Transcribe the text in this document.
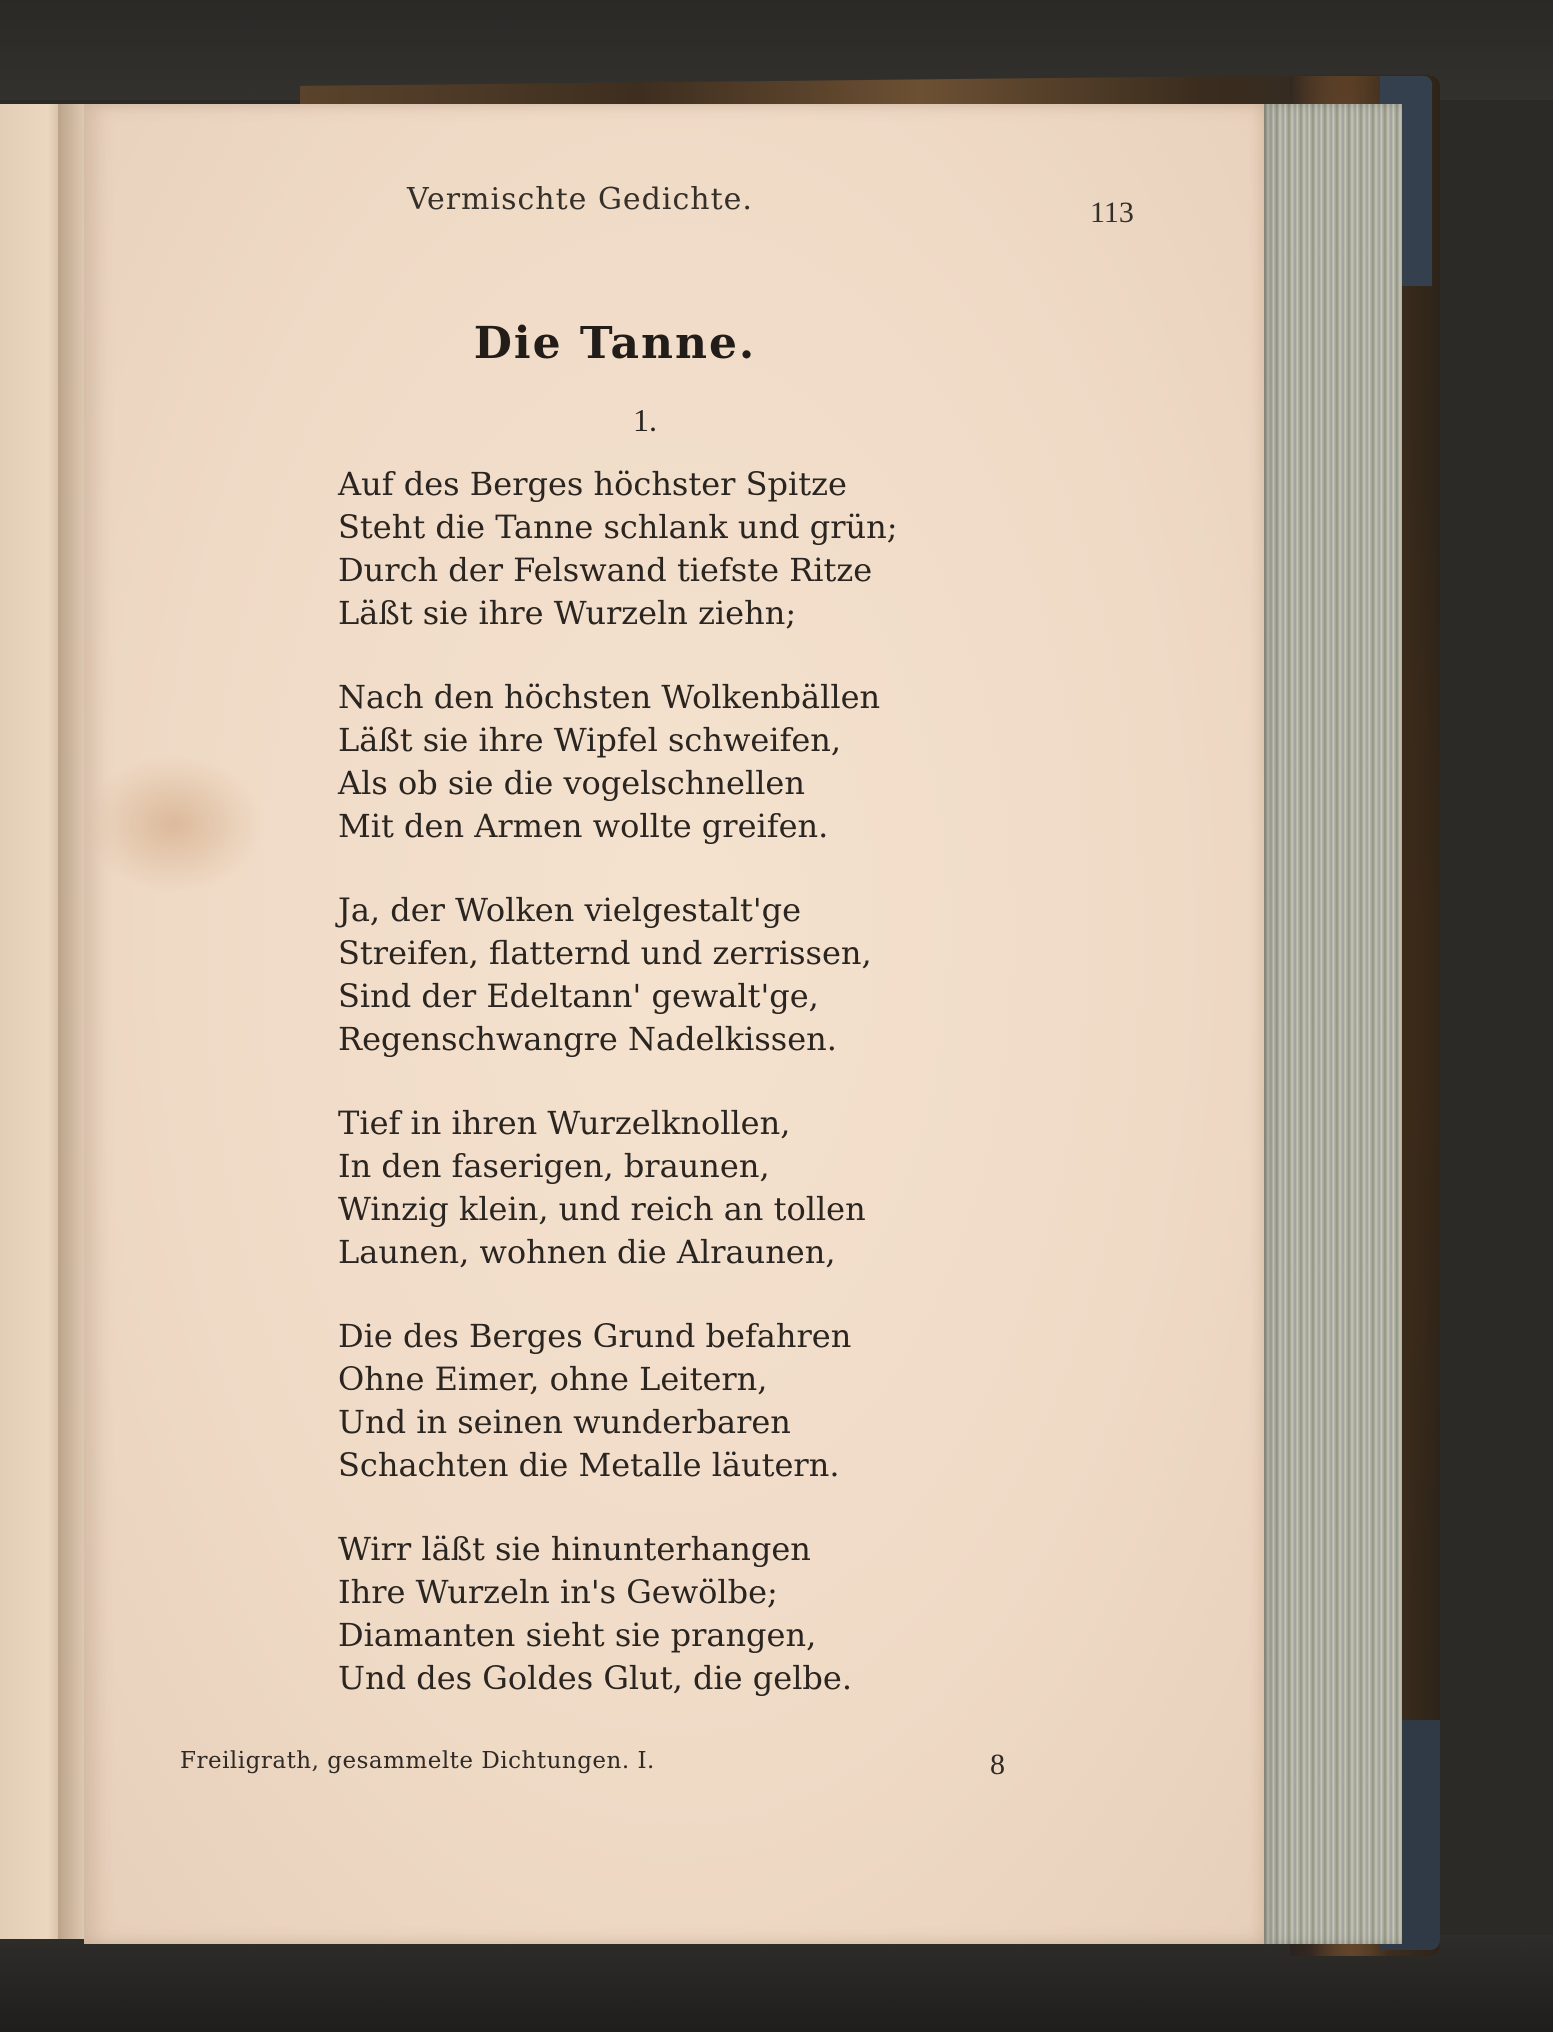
Vermischte Gedichte.	113
Die Tanne.
1.
Auf des Berges höchster Spitze
Steht die Tanne schlank und grün;
Durch der Felswand tiefste Ritze
Läßt sie ihre Wurzeln ziehn;
Nach den höchsten Wolkenbällen
Läßt sie ihre Wipfel schweifen,
Als ob sie die vogelschnellen
Mit den Armen wollte greifen.
Ja, der Wolken vielgestalt'ge
Streifen, flatternd und zerrissen,
Sind der Edeltann' gewalt'ge,
Regenschwangre Nadelkissen.
Tief in ihren Wurzelknollen,
In den faserigen, braunen,
Winzig klein, und reich an tollen
Launen, wohnen die Alraunen,
Die des Berges Grund befahren
Ohne Eimer, ohne Leitern,
Und in seinen wunderbaren
Schachten die Metalle läutern.
Wirr läßt sie hinunterhangen
Ihre Wurzeln in's Gewölbe;
Diamanten sieht sie prangen,
Und des Goldes Glut, die gelbe.
Freiligrath, gesammelte Dichtungen. I.	8
